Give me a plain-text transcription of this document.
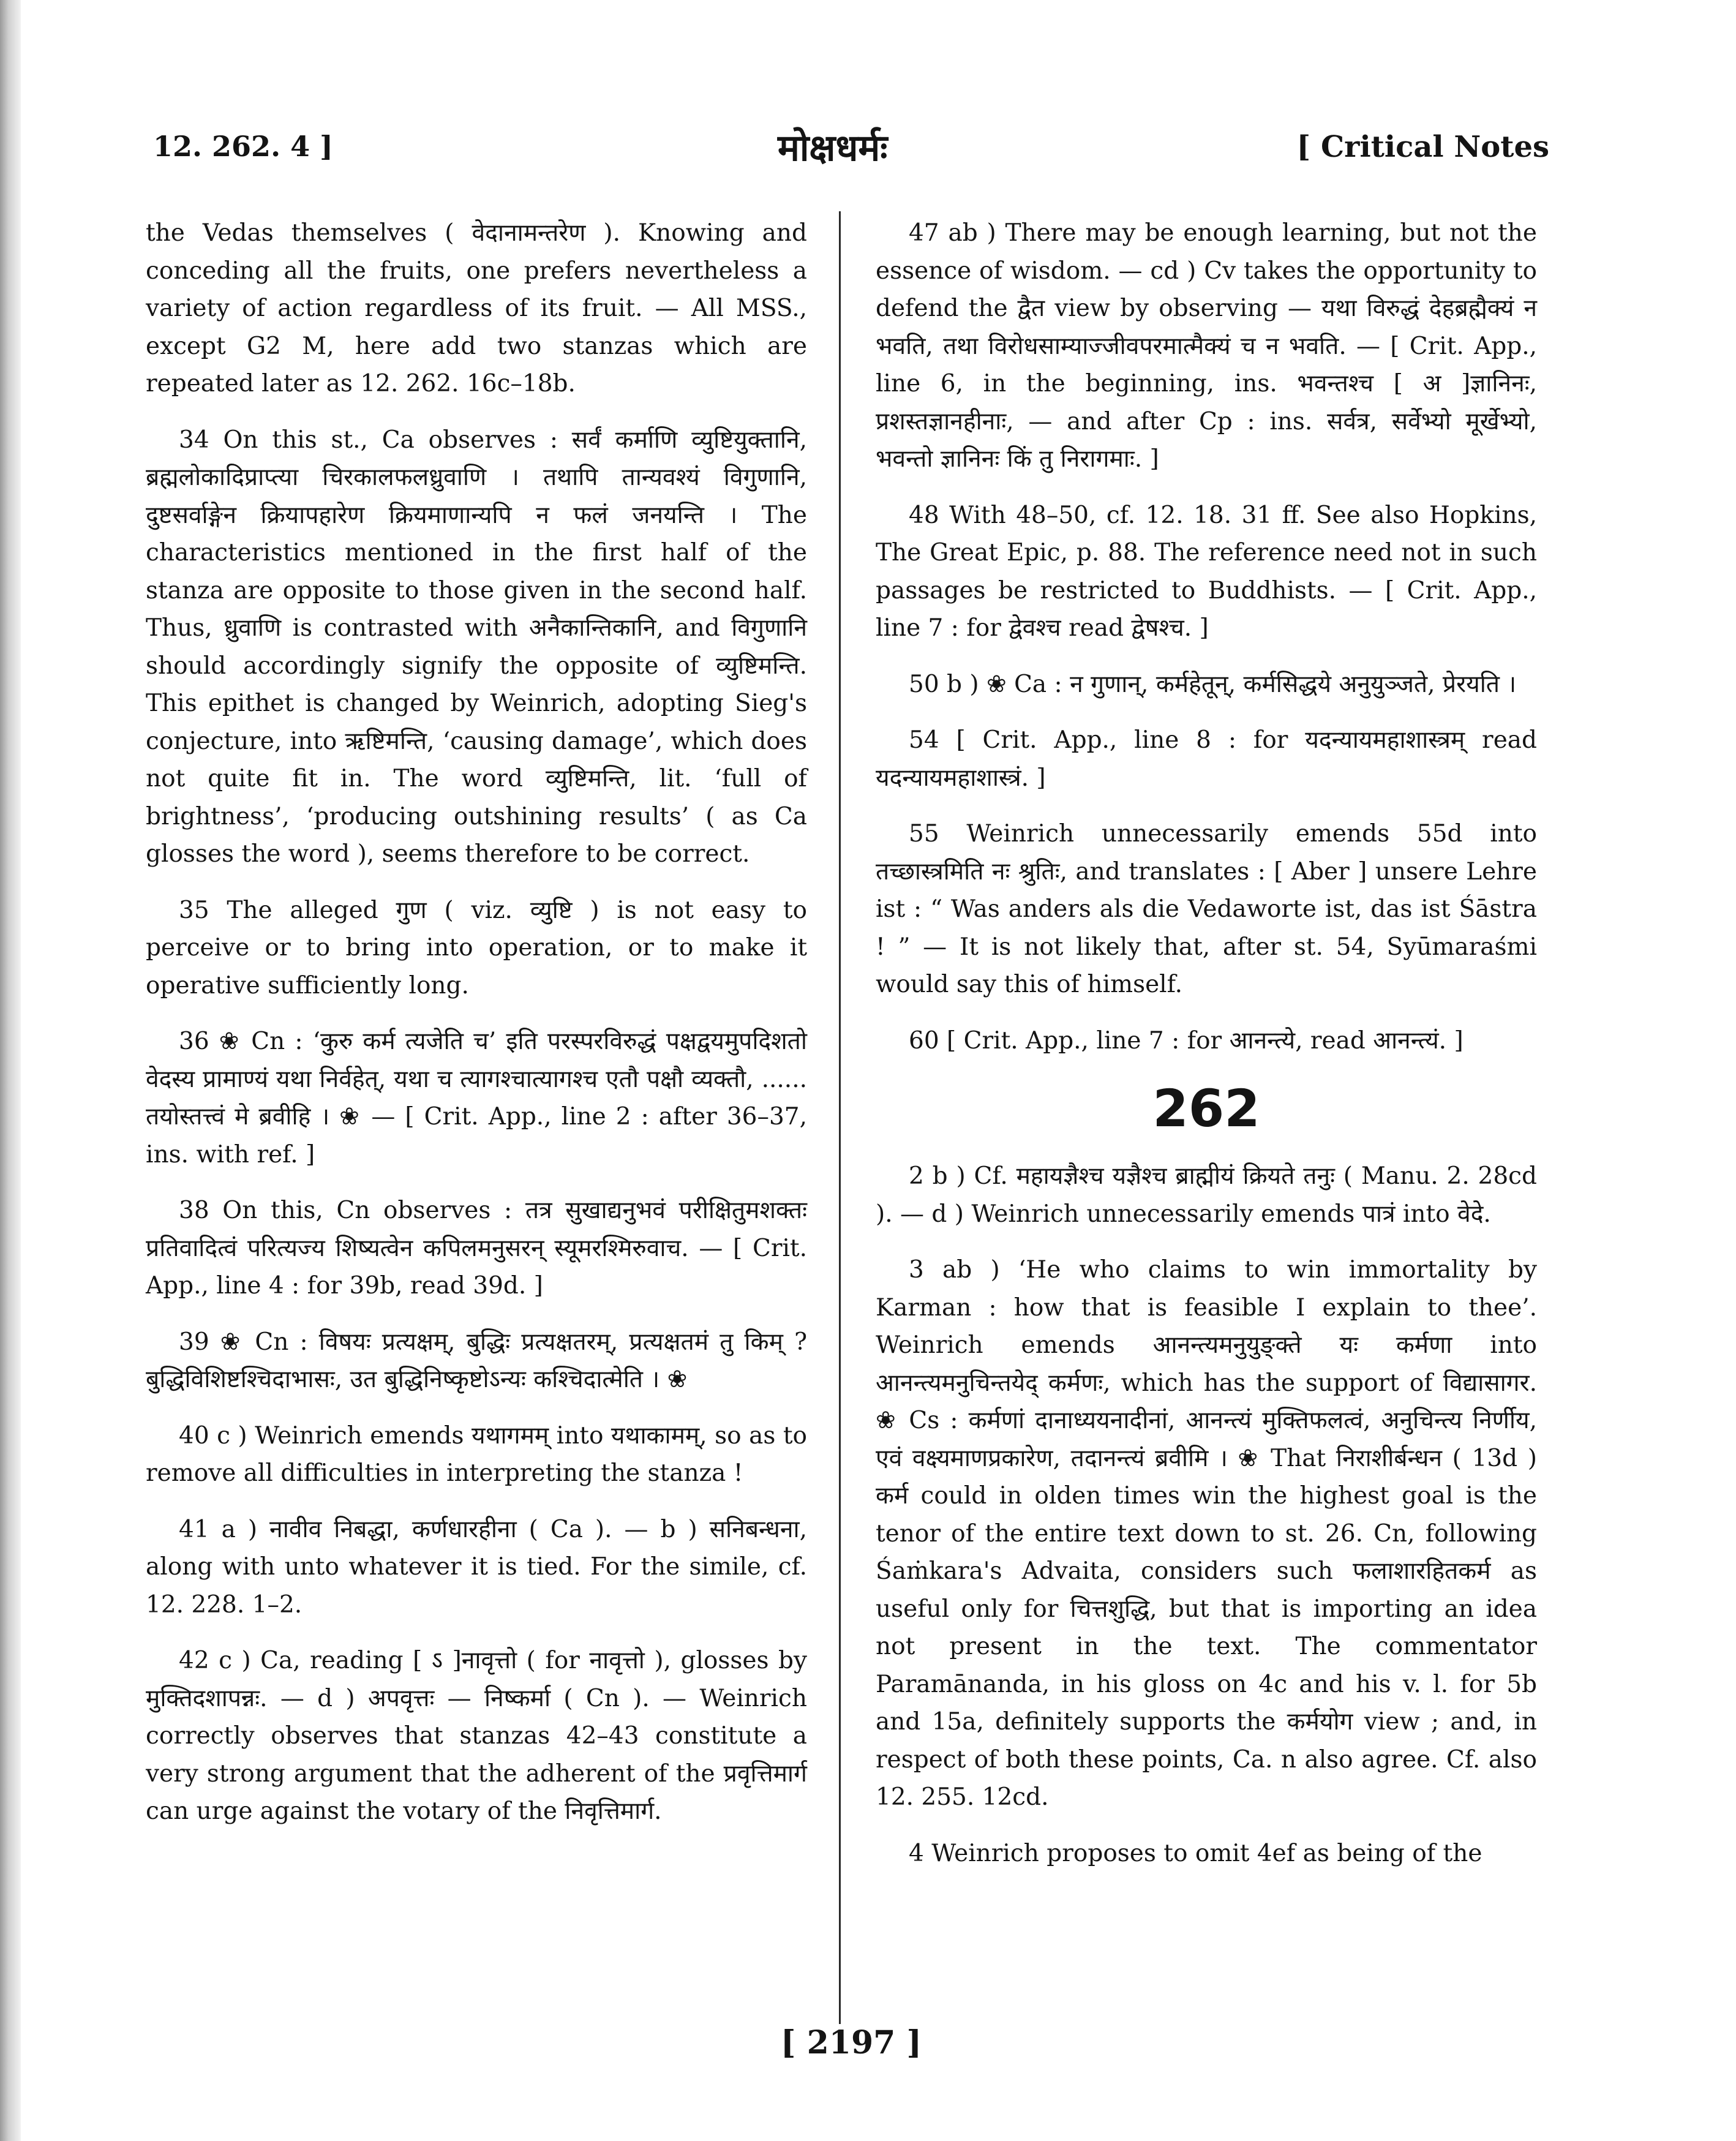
12. 262. 4 ]	मोक्षधर्मः	[ Critical Notes

the Vedas themselves ( वेदानामन्तरेण ). Knowing and conceding all the fruits, one prefers nevertheless a variety of action regardless of its fruit. — All MSS., except G2 M, here add two stanzas which are repeated later as 12. 262. 16c–18b.

34 On this st., Ca observes : सर्वं कर्माणि व्युष्टियुक्तानि, ब्रह्मलोकादिप्राप्त्या चिरकालफलध्रुवाणि । तथापि तान्यवश्यं विगुणानि, दुष्टसर्वाङ्गेन क्रियापहारेण क्रियमाणान्यपि न फलं जनयन्ति । The characteristics mentioned in the first half of the stanza are opposite to those given in the second half. Thus, ध्रुवाणि is contrasted with अनैकान्तिकानि, and विगुणानि should accordingly signify the opposite of व्युष्टिमन्ति. This epithet is changed by Weinrich, adopting Sieg's conjecture, into ऋष्टिमन्ति, ‘causing damage’, which does not quite fit in. The word व्युष्टिमन्ति, lit. ‘full of brightness’, ‘producing outshining results’ ( as Ca glosses the word ), seems therefore to be correct.

35 The alleged गुण ( viz. व्युष्टि ) is not easy to perceive or to bring into operation, or to make it operative sufficiently long.

36 ❀ Cn : ‘कुरु कर्म त्यजेति च’ इति परस्परविरुद्धं पक्षद्वयमुपदिशतो वेदस्य प्रामाण्यं यथा निर्वहेत्, यथा च त्यागश्चात्यागश्च एतौ पक्षौ व्यक्तौ, ...... तयोस्तत्त्वं मे ब्रवीहि । ❀ — [ Crit. App., line 2 : after 36–37, ins. with ref. ]

38 On this, Cn observes : तत्र सुखाद्यनुभवं परीक्षितुमशक्तः प्रतिवादित्वं परित्यज्य शिष्यत्वेन कपिलमनुसरन् स्यूमरश्मिरुवाच. — [ Crit. App., line 4 : for 39b, read 39d. ]

39 ❀ Cn : विषयः प्रत्यक्षम्, बुद्धिः प्रत्यक्षतरम्, प्रत्यक्षतमं तु किम् ? बुद्धिविशिष्टश्चिदाभासः, उत बुद्धिनिष्कृष्टोऽन्यः कश्चिदात्मेति । ❀

40 c ) Weinrich emends यथागमम् into यथाकामम्, so as to remove all difficulties in interpreting the stanza !

41 a ) नावीव निबद्धा, कर्णधारहीना ( Ca ). — b ) सनिबन्धना, along with unto whatever it is tied. For the simile, cf. 12. 228. 1–2.

42 c ) Ca, reading [ ऽ ]नावृत्तो ( for नावृत्तो ), glosses by मुक्तिदशापन्नः. — d ) अपवृत्तः — निष्कर्मा ( Cn ). — Weinrich correctly observes that stanzas 42–43 constitute a very strong argument that the adherent of the प्रवृत्तिमार्ग can urge against the votary of the निवृत्तिमार्ग.

47 ab ) There may be enough learning, but not the essence of wisdom. — cd ) Cv takes the opportunity to defend the द्वैत view by observing — यथा विरुद्धं देहब्रह्मैक्यं न भवति, तथा विरोधसाम्याज्जीवपरमात्मैक्यं च न भवति. — [ Crit. App., line 6, in the beginning, ins. भवन्तश्च [ अ ]ज्ञानिनः, प्रशस्तज्ञानहीनाः, — and after Cp : ins. सर्वत्र, सर्वेभ्यो मूर्खेभ्यो, भवन्तो ज्ञानिनः किं तु निरागमाः. ]

48 With 48–50, cf. 12. 18. 31 ff. See also Hopkins, The Great Epic, p. 88. The reference need not in such passages be restricted to Buddhists. — [ Crit. App., line 7 : for द्वेवश्च read द्वेषश्च. ]

50 b ) ❀ Ca : न गुणान्, कर्महेतून्, कर्मसिद्धये अनुयुञ्जते, प्रेरयति ।

54 [ Crit. App., line 8 : for यदन्यायमहाशास्त्रम् read यदन्यायमहाशास्त्रं. ]

55 Weinrich unnecessarily emends 55d into तच्छास्त्रमिति नः श्रुतिः, and translates : [ Aber ] unsere Lehre ist : “ Was anders als die Vedaworte ist, das ist Śāstra ! ” — It is not likely that, after st. 54, Syūmaraśmi would say this of himself.

60 [ Crit. App., line 7 : for आनन्त्ये, read आनन्त्यं. ]

262

2 b ) Cf. महायज्ञैश्च यज्ञैश्च ब्राह्मीयं क्रियते तनुः ( Manu. 2. 28cd ). — d ) Weinrich unnecessarily emends पात्रं into वेदे.

3 ab ) ‘He who claims to win immortality by Karman : how that is feasible I explain to thee’. Weinrich emends आनन्त्यमनुयुङ्क्ते यः कर्मणा into आनन्त्यमनुचिन्तयेद् कर्मणः, which has the support of विद्यासागर. ❀ Cs : कर्मणां दानाध्ययनादीनां, आनन्त्यं मुक्तिफलत्वं, अनुचिन्त्य निर्णीय, एवं वक्ष्यमाणप्रकारेण, तदानन्त्यं ब्रवीमि । ❀ That निराशीर्बन्धन ( 13d ) कर्म could in olden times win the highest goal is the tenor of the entire text down to st. 26. Cn, following Śaṁkara's Advaita, considers such फलाशारहितकर्म as useful only for चित्तशुद्धि, but that is importing an idea not present in the text. The commentator Paramānanda, in his gloss on 4c and his v. l. for 5b and 15a, definitely supports the कर्मयोग view ; and, in respect of both these points, Ca. n also agree. Cf. also 12. 255. 12cd.

4 Weinrich proposes to omit 4ef as being of the

[ 2197 ]
